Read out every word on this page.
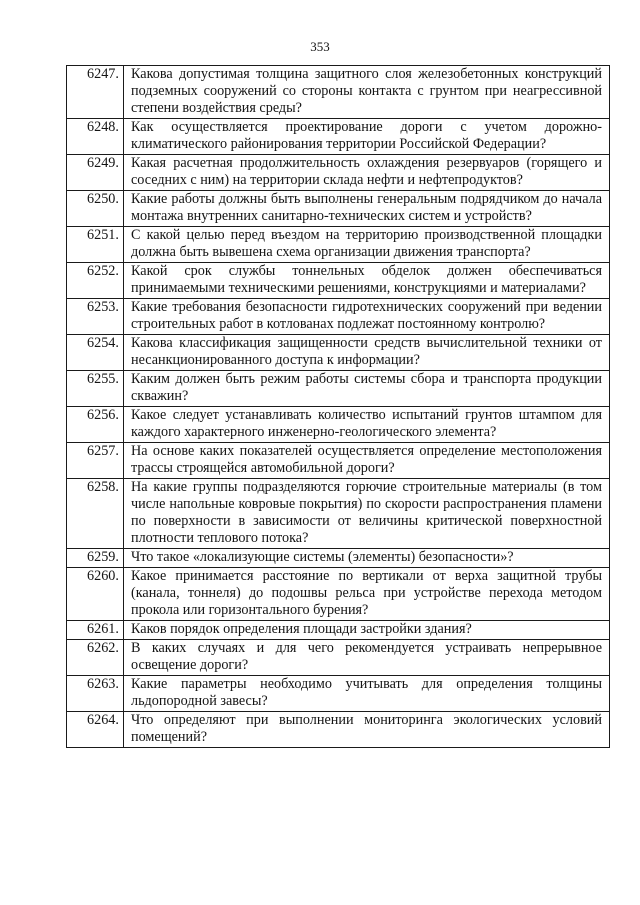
353
6247.	Какова допустимая толщина защитного слоя железобетонных конструкций подземных сооружений со стороны контакта с грунтом при неагрессивной степени воздействия среды?
6248.	Как осуществляется проектирование дороги с учетом дорожно-климатического районирования территории Российской Федерации?
6249.	Какая расчетная продолжительность охлаждения резервуаров (горящего и соседних с ним) на территории склада нефти и нефтепродуктов?
6250.	Какие работы должны быть выполнены генеральным подрядчиком до начала монтажа внутренних санитарно-технических систем и устройств?
6251.	С какой целью перед въездом на территорию производственной площадки должна быть вывешена схема организации движения транспорта?
6252.	Какой срок службы тоннельных обделок должен обеспечиваться принимаемыми техническими решениями, конструкциями и материалами?
6253.	Какие требования безопасности гидротехнических сооружений при ведении строительных работ в котлованах подлежат постоянному контролю?
6254.	Какова классификация защищенности средств вычислительной техники от несанкционированного доступа к информации?
6255.	Каким должен быть режим работы системы сбора и транспорта продукции скважин?
6256.	Какое следует устанавливать количество испытаний грунтов штампом для каждого характерного инженерно-геологического элемента?
6257.	На основе каких показателей осуществляется определение местоположения трассы строящейся автомобильной дороги?
6258.	На какие группы подразделяются горючие строительные материалы (в том числе напольные ковровые покрытия) по скорости распространения пламени по поверхности в зависимости от величины критической поверхностной плотности теплового потока?
6259.	Что такое «локализующие системы (элементы) безопасности»?
6260.	Какое принимается расстояние по вертикали от верха защитной трубы (канала, тоннеля) до подошвы рельса при устройстве перехода методом прокола или горизонтального бурения?
6261.	Каков порядок определения площади застройки здания?
6262.	В каких случаях и для чего рекомендуется устраивать непрерывное освещение дороги?
6263.	Какие параметры необходимо учитывать для определения толщины льдопородной завесы?
6264.	Что определяют при выполнении мониторинга экологических условий помещений?
